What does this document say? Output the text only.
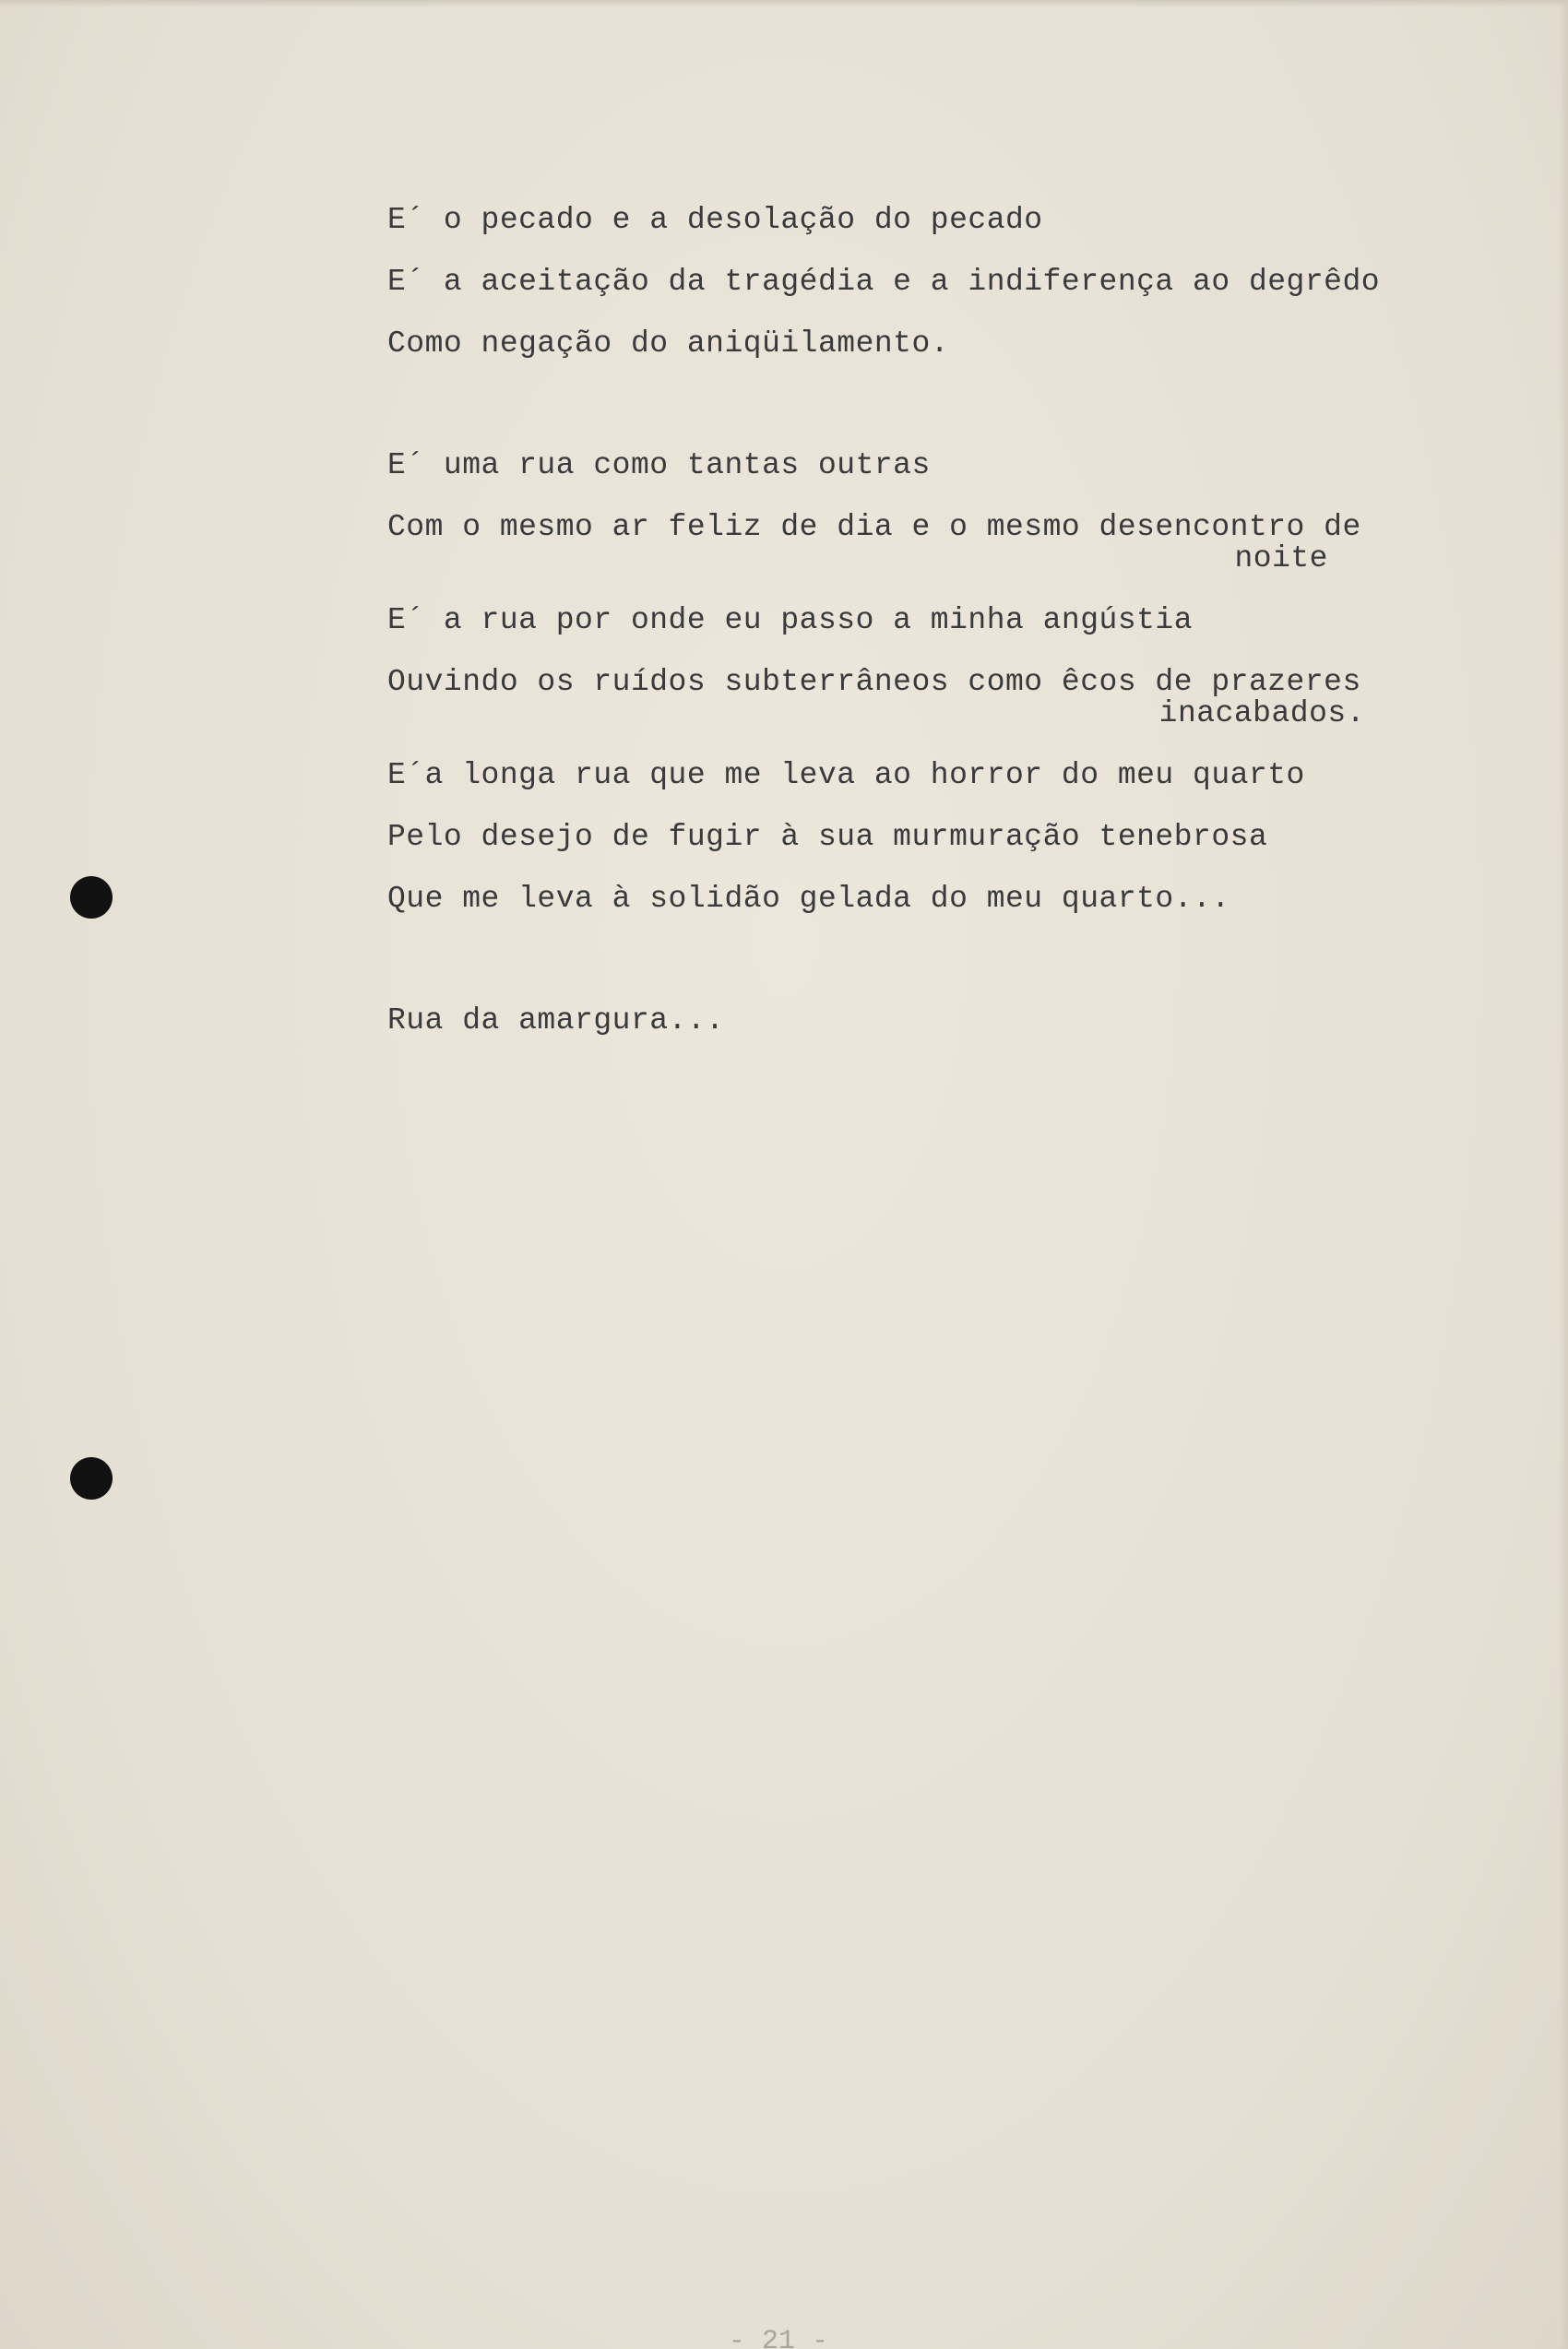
E´ o pecado e a desolação do pecado
E´ a aceitação da tragédia e a indiferença ao degrêdo
Como negação do aniqüilamento.
E´ uma rua como tantas outras
Com o mesmo ar feliz de dia e o mesmo desencontro de
noite
E´ a rua por onde eu passo a minha angústia
Ouvindo os ruídos subterrâneos como êcos de prazeres
inacabados.
E´a longa rua que me leva ao horror do meu quarto
Pelo desejo de fugir à sua murmuração tenebrosa
Que me leva à solidão gelada do meu quarto...
Rua da amargura...
- 21 -
